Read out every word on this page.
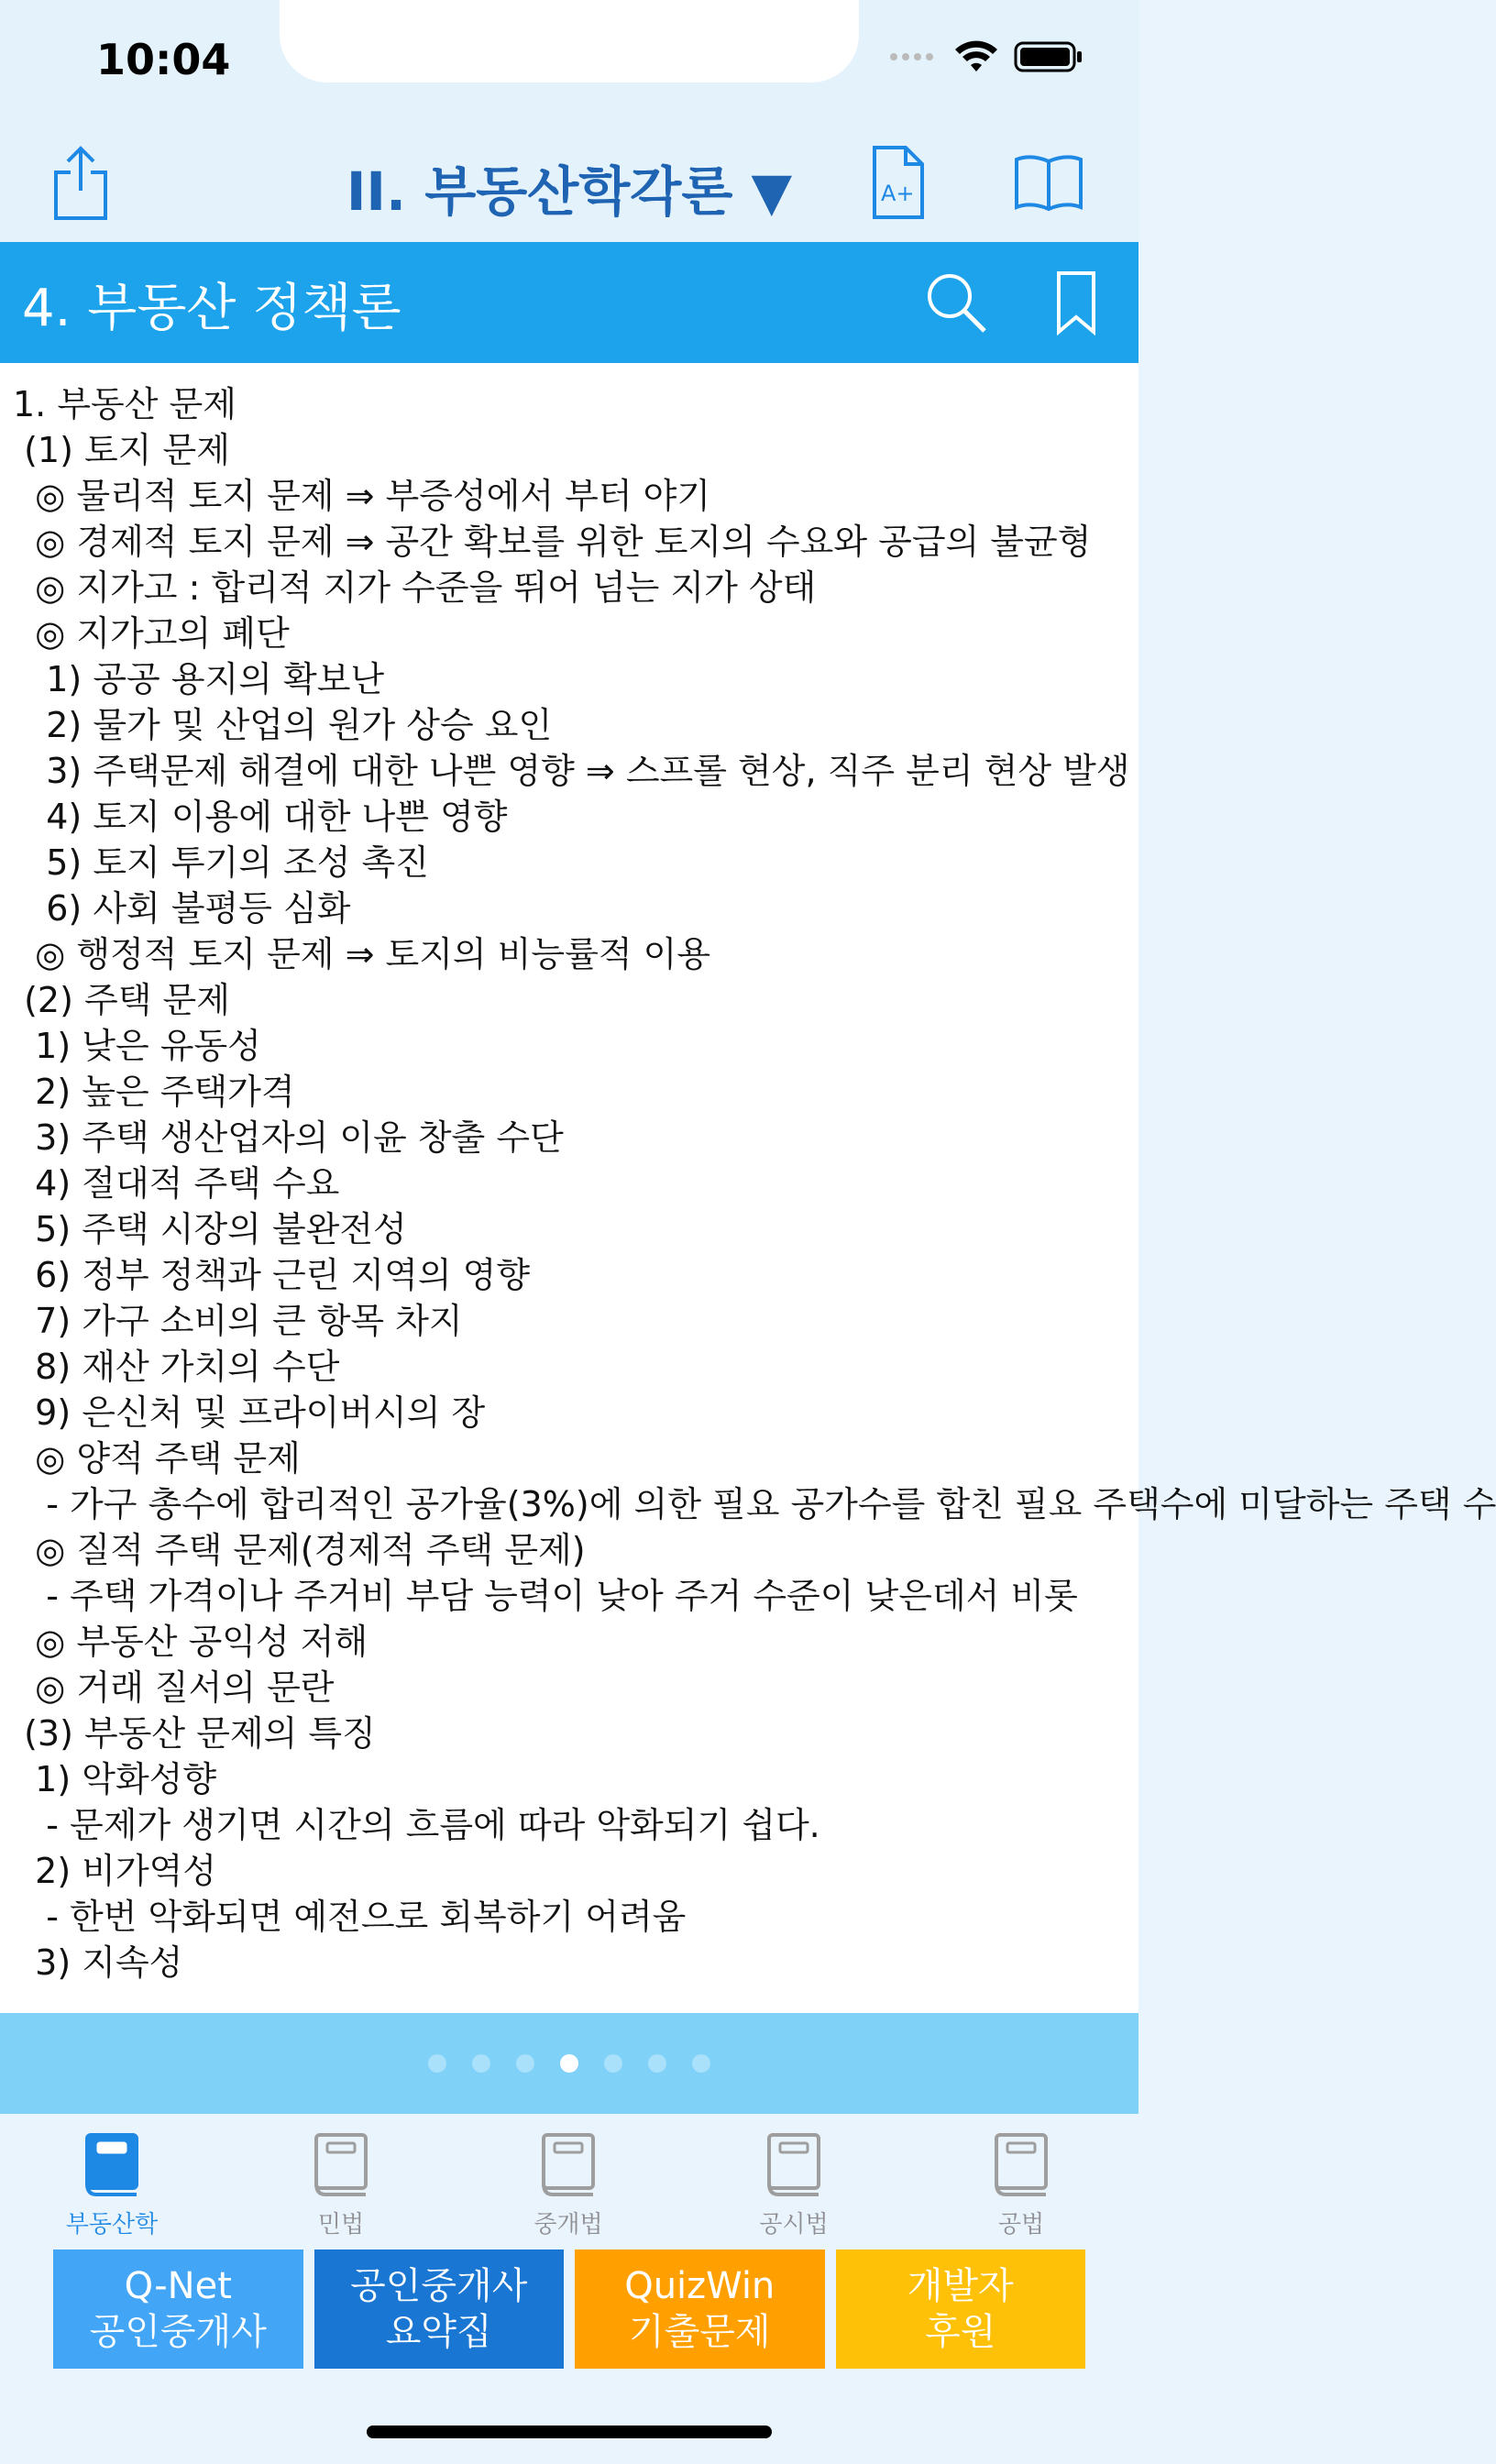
10:04
II. 부동산학각론 ▼	A+
4. 부동산 정책론
1. 부동산 문제
(1) 토지 문제
◎ 물리적 토지 문제 ⇒ 부증성에서 부터 야기
◎ 경제적 토지 문제 ⇒ 공간 확보를 위한 토지의 수요와 공급의 불균형
◎ 지가고 : 합리적 지가 수준을 뛰어 넘는 지가 상태
◎ 지가고의 폐단
1) 공공 용지의 확보난
2) 물가 및 산업의 원가 상승 요인
3) 주택문제 해결에 대한 나쁜 영향 ⇒ 스프롤 현상, 직주 분리 현상 발생
4) 토지 이용에 대한 나쁜 영향
5) 토지 투기의 조성 촉진
6) 사회 불평등 심화
◎ 행정적 토지 문제 ⇒ 토지의 비능률적 이용
(2) 주택 문제
1) 낮은 유동성
2) 높은 주택가격
3) 주택 생산업자의 이윤 창출 수단
4) 절대적 주택 수요
5) 주택 시장의 불완전성
6) 정부 정책과 근린 지역의 영향
7) 가구 소비의 큰 항목 차지
8) 재산 가치의 수단
9) 은신처 및 프라이버시의 장
◎ 양적 주택 문제
- 가구 총수에 합리적인 공가율(3%)에 의한 필요 공가수를 합친 필요 주택수에 미달하는 주택 수
◎ 질적 주택 문제(경제적 주택 문제)
- 주택 가격이나 주거비 부담 능력이 낮아 주거 수준이 낮은데서 비롯
◎ 부동산 공익성 저해
◎ 거래 질서의 문란
(3) 부동산 문제의 특징
1) 악화성향
- 문제가 생기면 시간의 흐름에 따라 악화되기 쉽다.
2) 비가역성
- 한번 악화되면 예전으로 회복하기 어려움
3) 지속성
부동산학	민법	중개법	공시법	공법
Q-Net
공인중개사
공인중개사
요약집
QuizWin
기출문제
개발자
후원
